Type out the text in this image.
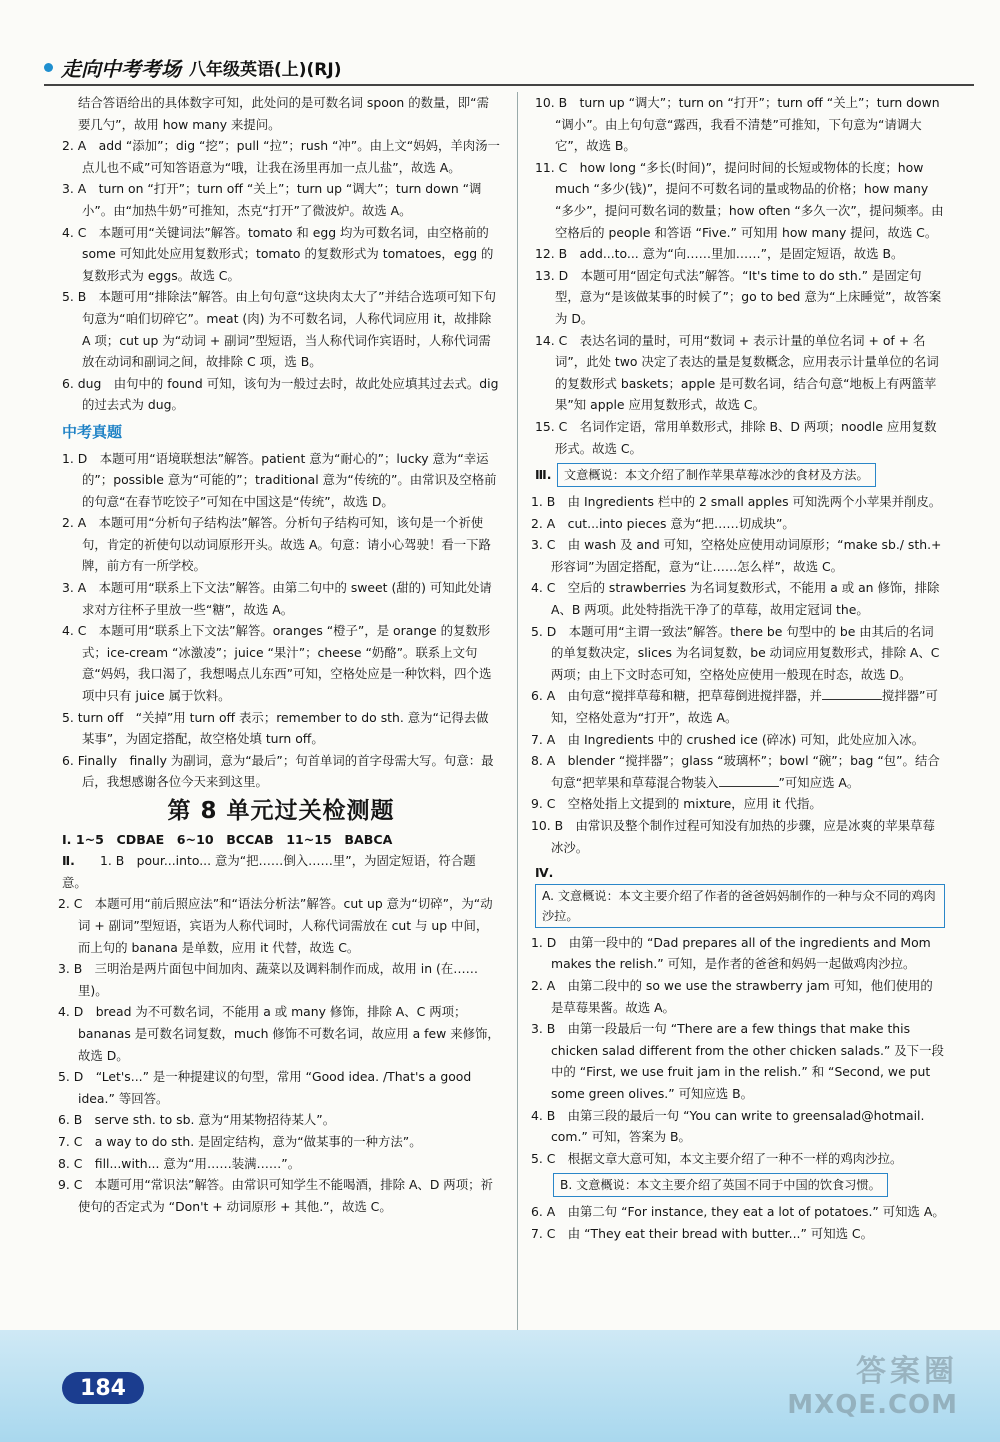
走向中考考场 八年级英语(上)(RJ)

结合答语给出的具体数字可知，此处问的是可数名词 spoon 的数量，即“需要几勺”，故用 how many 来提问。

2. A　add “添加”；dig “挖”；pull “拉”；rush “冲”。由上文“妈妈，羊肉汤一点儿也不咸”可知答语意为“哦，让我在汤里再加一点儿盐”，故选 A。

3. A　turn on “打开”；turn off “关上”；turn up “调大”；turn down “调小”。由“加热牛奶”可推知，杰克“打开”了微波炉。故选 A。

4. C　本题可用“关键词法”解答。tomato 和 egg 均为可数名词，由空格前的 some 可知此处应用复数形式；tomato 的复数形式为 tomatoes，egg 的复数形式为 eggs。故选 C。

5. B　本题可用“排除法”解答。由上句句意“这块肉太大了”并结合选项可知下句句意为“咱们切碎它”。meat (肉) 为不可数名词，人称代词应用 it，故排除 A 项；cut up 为“动词 + 副词”型短语，当人称代词作宾语时，人称代词需放在动词和副词之间，故排除 C 项，选 B。

6. dug　由句中的 found 可知，该句为一般过去时，故此处应填其过去式。dig 的过去式为 dug。

中考真题

1. D　本题可用“语境联想法”解答。patient 意为“耐心的”；lucky 意为“幸运的”；possible 意为“可能的”；traditional 意为“传统的”。由常识及空格前的句意“在春节吃饺子”可知在中国这是“传统”，故选 D。

2. A　本题可用“分析句子结构法”解答。分析句子结构可知，该句是一个祈使句，肯定的祈使句以动词原形开头。故选 A。句意：请小心驾驶！看一下路牌，前方有一所学校。

3. A　本题可用“联系上下文法”解答。由第二句中的 sweet (甜的) 可知此处请求对方往杯子里放一些“糖”，故选 A。

4. C　本题可用“联系上下文法”解答。oranges “橙子”，是 orange 的复数形式；ice-cream “冰激凌”；juice “果汁”；cheese “奶酪”。联系上文句意“妈妈，我口渴了，我想喝点儿东西”可知，空格处应是一种饮料，四个选项中只有 juice 属于饮料。

5. turn off　“关掉”用 turn off 表示；remember to do sth. 意为“记得去做某事”，为固定搭配，故空格处填 turn off。

6. Finally　finally 为副词，意为“最后”；句首单词的首字母需大写。句意：最后，我想感谢各位今天来到这里。

第 8 单元过关检测题
Ⅰ. 1~5　CDBAE　6~10　BCCAB　11~15　BABCA
Ⅱ. 1. B　pour...into... 意为“把……倒入……里”，为固定短语，符合题意。

2. C　本题可用“前后照应法”和“语法分析法”解答。cut up 意为“切碎”，为“动词 + 副词”型短语，宾语为人称代词时，人称代词需放在 cut 与 up 中间，而上句的 banana 是单数，应用 it 代替，故选 C。

3. B　三明治是两片面包中间加肉、蔬菜以及调料制作而成，故用 in (在……里)。

4. D　bread 为不可数名词，不能用 a 或 many 修饰，排除 A、C 两项；bananas 是可数名词复数，much 修饰不可数名词，故应用 a few 来修饰，故选 D。

5. D　“Let's...” 是一种提建议的句型，常用 “Good idea. /That's a good idea.” 等回答。

6. B　serve sth. to sb. 意为“用某物招待某人”。

7. C　a way to do sth. 是固定结构，意为“做某事的一种方法”。

8. C　fill...with... 意为“用……装满……”。

9. C　本题可用“常识法”解答。由常识可知学生不能喝酒，排除 A、D 两项；祈使句的否定式为 “Don't + 动词原形 + 其他.”，故选 C。

10. B　turn up “调大”；turn on “打开”；turn off “关上”；turn down “调小”。由上句句意“露西，我看不清楚”可推知，下句意为“请调大它”，故选 B。

11. C　how long “多长(时间)”，提问时间的长短或物体的长度；how much “多少(钱)”，提问不可数名词的量或物品的价格；how many “多少”，提问可数名词的数量；how often “多久一次”，提问频率。由空格后的 people 和答语 “Five.” 可知用 how many 提问，故选 C。

12. B　add...to... 意为“向……里加……”，是固定短语，故选 B。

13. D　本题可用“固定句式法”解答。“It's time to do sth.” 是固定句型，意为“是该做某事的时候了”；go to bed 意为“上床睡觉”，故答案为 D。

14. C　表达名词的量时，可用“数词 + 表示计量的单位名词 + of + 名词”，此处 two 决定了表达的量是复数概念，应用表示计量单位的名词的复数形式 baskets；apple 是可数名词，结合句意“地板上有两篮苹果”知 apple 应用复数形式，故选 C。

15. C　名词作定语，常用单数形式，排除 B、D 两项；noodle 应用复数形式。故选 C。

Ⅲ. 文意概说：本文介绍了制作苹果草莓冰沙的食材及方法。

1. B　由 Ingredients 栏中的 2 small apples 可知洗两个小苹果并削皮。

2. A　cut...into pieces 意为“把……切成块”。

3. C　由 wash 及 and 可知，空格处应使用动词原形；“make sb./ sth.+ 形容词”为固定搭配，意为“让……怎么样”，故选 C。

4. C　空后的 strawberries 为名词复数形式，不能用 a 或 an 修饰，排除 A、B 两项。此处特指洗干净了的草莓，故用定冠词 the。

5. D　本题可用“主谓一致法”解答。there be 句型中的 be 由其后的名词的单复数决定，slices 为名词复数，be 动词应用复数形式，排除 A、C 两项；由上下文时态可知，空格处应使用一般现在时态，故选 D。

6. A　由句意“搅拌草莓和糖，把草莓倒进搅拌器，并	搅拌器”可知，空格处意为“打开”，故选 A。

7. A　由 Ingredients 中的 crushed ice (碎冰) 可知，此处应加入冰。

8. A　blender “搅拌器”；glass “玻璃杯”；bowl “碗”；bag “包”。结合句意“把苹果和草莓混合物装入	”可知应选 A。

9. C　空格处指上文提到的 mixture，应用 it 代指。

10. B　由常识及整个制作过程可知没有加热的步骤，应是冰爽的苹果草莓冰沙。

Ⅳ. A. 文意概说：本文主要介绍了作者的爸爸妈妈制作的一种与众不同的鸡肉沙拉。

1. D　由第一段中的 “Dad prepares all of the ingredients and Mom makes the relish.” 可知，是作者的爸爸和妈妈一起做鸡肉沙拉。

2. A　由第二段中的 so we use the strawberry jam 可知，他们使用的是草莓果酱。故选 A。

3. B　由第一段最后一句 “There are a few things that make this chicken salad different from the other chicken salads.” 及下一段中的 “First, we use fruit jam in the relish.” 和 “Second, we put some green olives.” 可知应选 B。

4. B　由第三段的最后一句 “You can write to greensalad@hotmail. com.” 可知，答案为 B。

5. C　根据文章大意可知，本文主要介绍了一种不一样的鸡肉沙拉。

B. 文意概说：本文主要介绍了英国不同于中国的饮食习惯。

6. A　由第二句 “For instance, they eat a lot of potatoes.” 可知选 A。

7. C　由 “They eat their bread with butter...” 可知选 C。

184	答案圈
MXQE.COM
